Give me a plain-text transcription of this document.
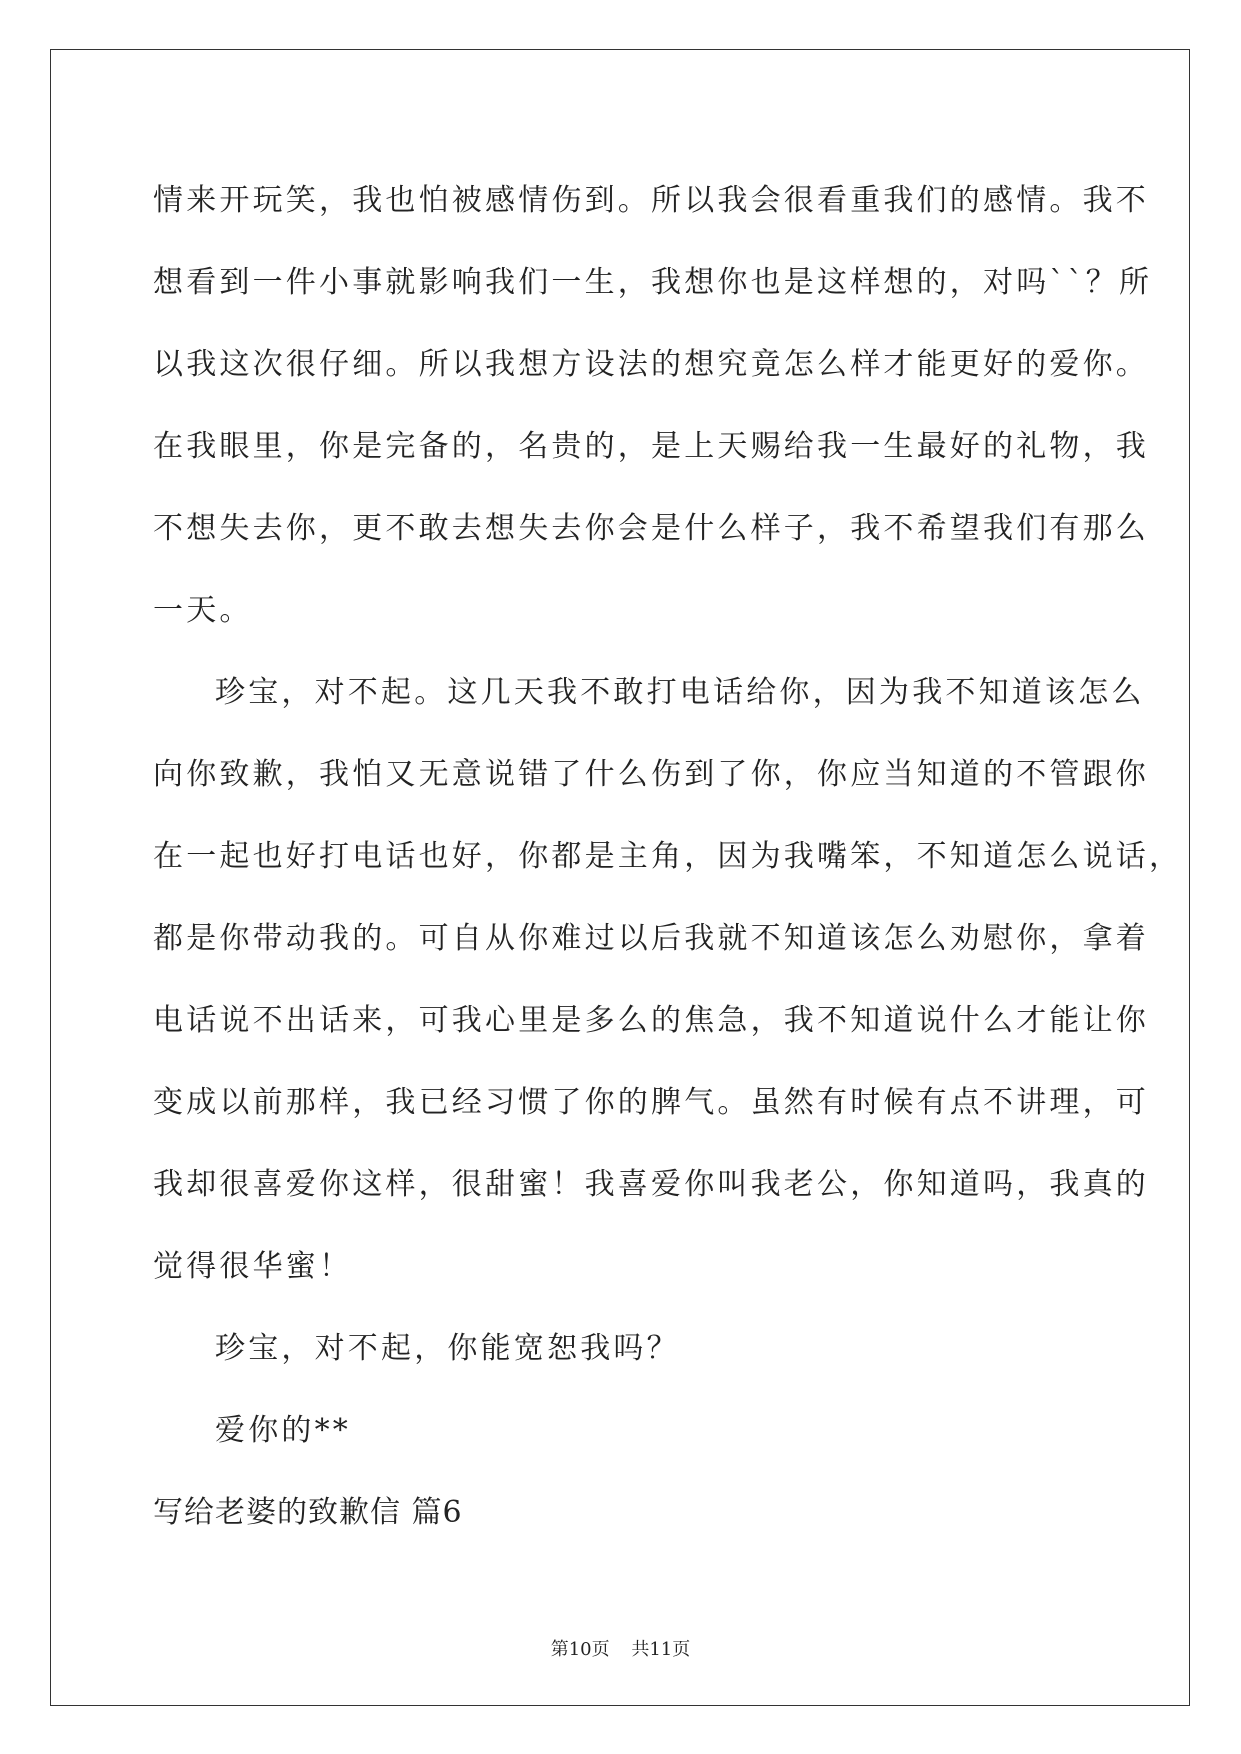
情来开玩笑，我也怕被感情伤到。所以我会很看重我们的感情。我不
想看到一件小事就影响我们一生，我想你也是这样想的，对吗``？所
以我这次很仔细。所以我想方设法的想究竟怎么样才能更好的爱你。
在我眼里，你是完备的，名贵的，是上天赐给我一生最好的礼物，我
不想失去你，更不敢去想失去你会是什么样子，我不希望我们有那么
一天。
珍宝，对不起。这几天我不敢打电话给你，因为我不知道该怎么
向你致歉，我怕又无意说错了什么伤到了你，你应当知道的不管跟你
在一起也好打电话也好，你都是主角，因为我嘴笨，不知道怎么说话，
都是你带动我的。可自从你难过以后我就不知道该怎么劝慰你，拿着
电话说不出话来，可我心里是多么的焦急，我不知道说什么才能让你
变成以前那样，我已经习惯了你的脾气。虽然有时候有点不讲理，可
我却很喜爱你这样，很甜蜜！我喜爱你叫我老公，你知道吗，我真的
觉得很华蜜！
珍宝，对不起，你能宽恕我吗？
爱你的**
写给老婆的致歉信 篇6
第10页 共11页
